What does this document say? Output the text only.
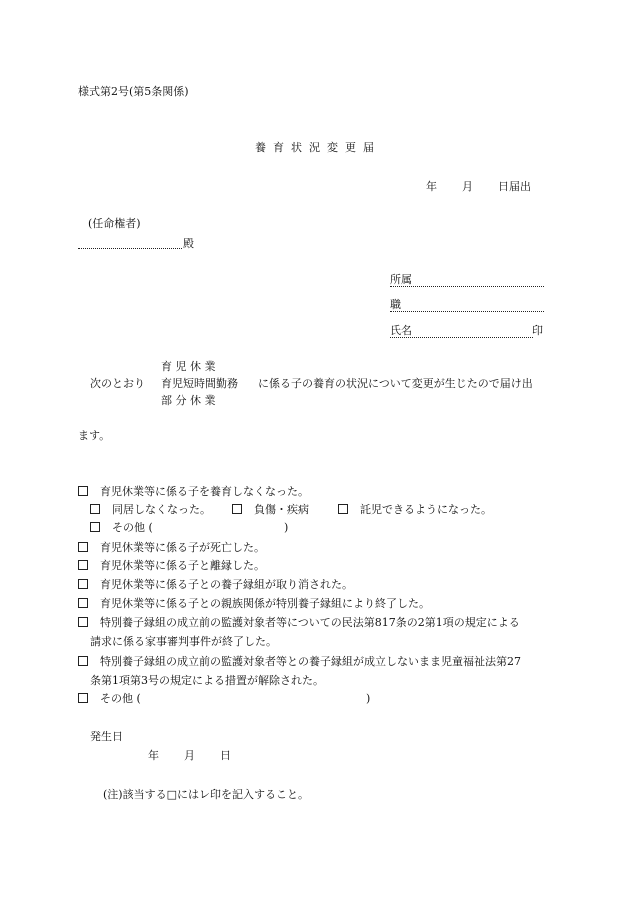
様式第2号(第5条関係)
養育状況変更届
年 月 日届出
(任命権者)
殿
所属
職
氏名	印
次のとおり
育 児 休 業
育児短時間勤務
部 分 休 業
に係る子の養育の状況について変更が生じたので届け出
ます。
育児休業等に係る子を養育しなくなった。
同居しなくなった。	負傷・疾病	託児できるようになった。
その他 (	)
育児休業等に係る子が死亡した。
育児休業等に係る子と離縁した。
育児休業等に係る子との養子縁組が取り消された。
育児休業等に係る子との親族関係が特別養子縁組により終了した。
特別養子縁組の成立前の監護対象者等についての民法第817条の2第1項の規定による
請求に係る家事審判事件が終了した。
特別養子縁組の成立前の監護対象者等との養子縁組が成立しないまま児童福祉法第27
条第1項第3号の規定による措置が解除された。
その他 (	)
発生日
年 月 日
(注)該当する□にはレ印を記入すること。
